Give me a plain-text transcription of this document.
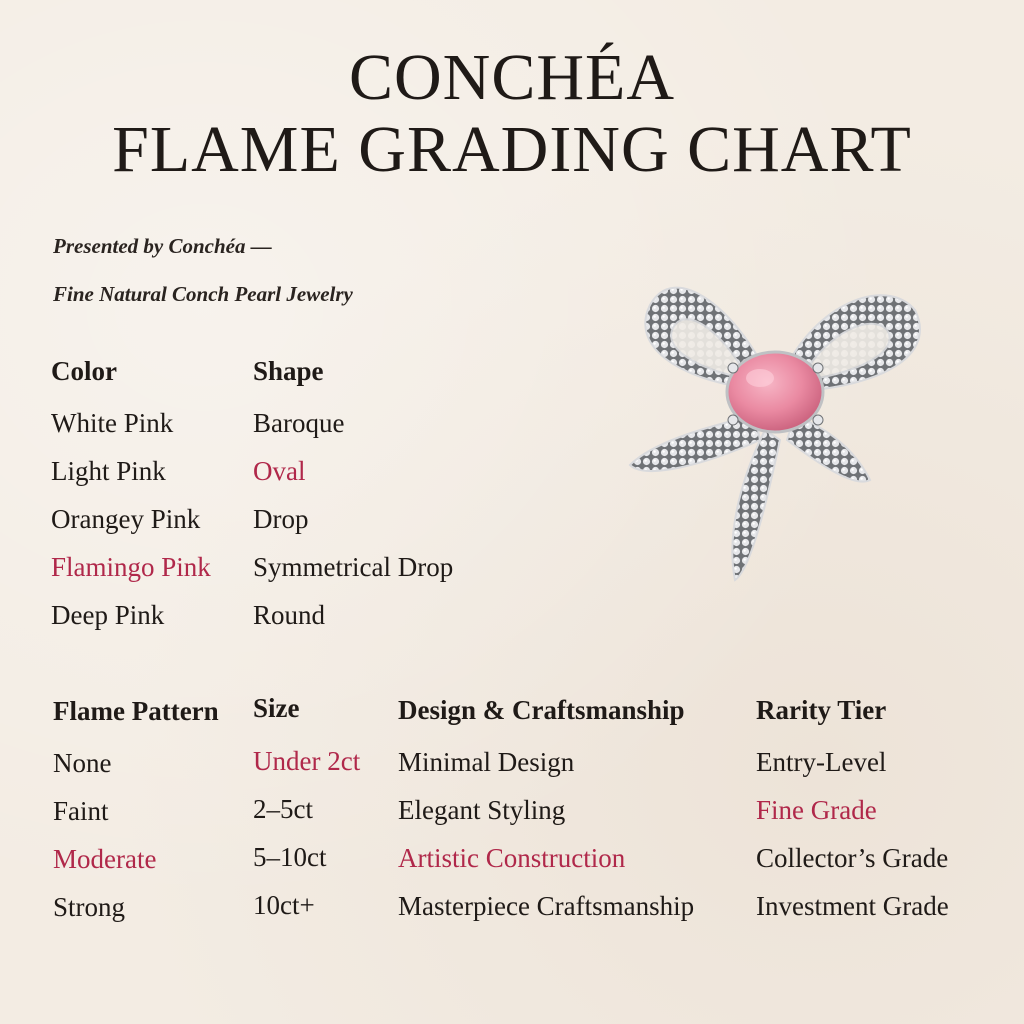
CONCHÉA
FLAME GRADING CHART
Presented by Conchéa —
Fine Natural Conch Pearl Jewelry
Color
White Pink
Light Pink
Orangey Pink
Flamingo Pink
Deep Pink
Shape
Baroque
Oval
Drop
Symmetrical Drop
Round
Flame Pattern
None
Faint
Moderate
Strong
Size
Under 2ct
2–5ct
5–10ct
10ct+
Design & Craftsmanship
Minimal Design
Elegant Styling
Artistic Construction
Masterpiece Craftsmanship
Rarity Tier
Entry-Level
Fine Grade
Collector’s Grade
Investment Grade
